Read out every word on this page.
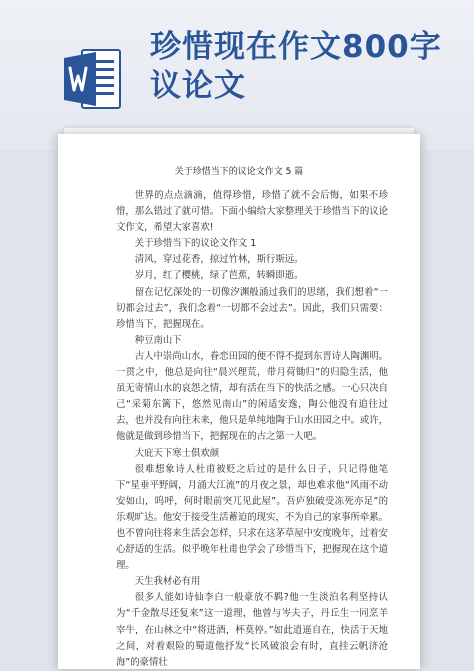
珍惜现在作文800字议论文
关于珍惜当下的议论文作文 5 篇

世界的点点滴滴，值得珍惜，珍惜了就不会后悔，如果不珍惜，那么错过了就可惜。下面小编给大家整理关于珍惜当下的议论文作文，希望大家喜欢!

关于珍惜当下的议论文作文 1

清风，穿过花香，掠过竹林，斯行斯远。

岁月，红了樱桃，绿了芭蕉，转瞬即逝。

留在记忆深处的一切像汐渊般涌过我们的思绪，我们想着“一切都会过去”，我们念着“一切都不会过去”。因此，我们只需要：珍惜当下，把握现在。

种豆南山下

古人中崇尚山水，眷恋田园的便不得不提到东晋诗人陶渊明。一贯之中，他总是向往“晨兴理荒，带月荷锄归”的归隐生活，他虽无寄情山水的哀怨之情，却有活在当下的快活之感。一心只决自己“采菊东篱下，悠然见南山”的闲适安逸，陶公他没有追往过去，也并没有向往未来，他只是单纯地陶于山水田园之中。或许，他就是做到珍惜当下，把握现在的古之第一人吧。

大庇天下寒士俱欢颜

很难想象诗人杜甫被贬之后过的是什么日子，只记得他笔下“星垂平野阔，月涌大江流”的月夜之景，却也难求他“风雨不动安如山，呜呼，何时眼前突兀见此屋”。吾庐独破受冻死亦足”的乐观旷达。他安于接受生活蓄迫的现实，不为自己的家事所牵累。也不曾向往将来生活会怎样，只求在这茅草屋中安度晚年，过着安心舒适的生活。似乎晚年杜甫也学会了珍惜当下，把握现在这个道理。

天生我材必有用

很多人能如诗仙李白一般豪放不羁?他一生淡泊名利坚持认为“千金散尽还复来”这一道理，他曾与岑夫子，丹丘生一同烹羊宰牛，在山林之中“将进酒，杯莫停。”如此逍遥自在，快活于天地之间，对着艰险的蜀道他抒发“长风破浪会有时，直挂云帆济沧海”的豪情壮
